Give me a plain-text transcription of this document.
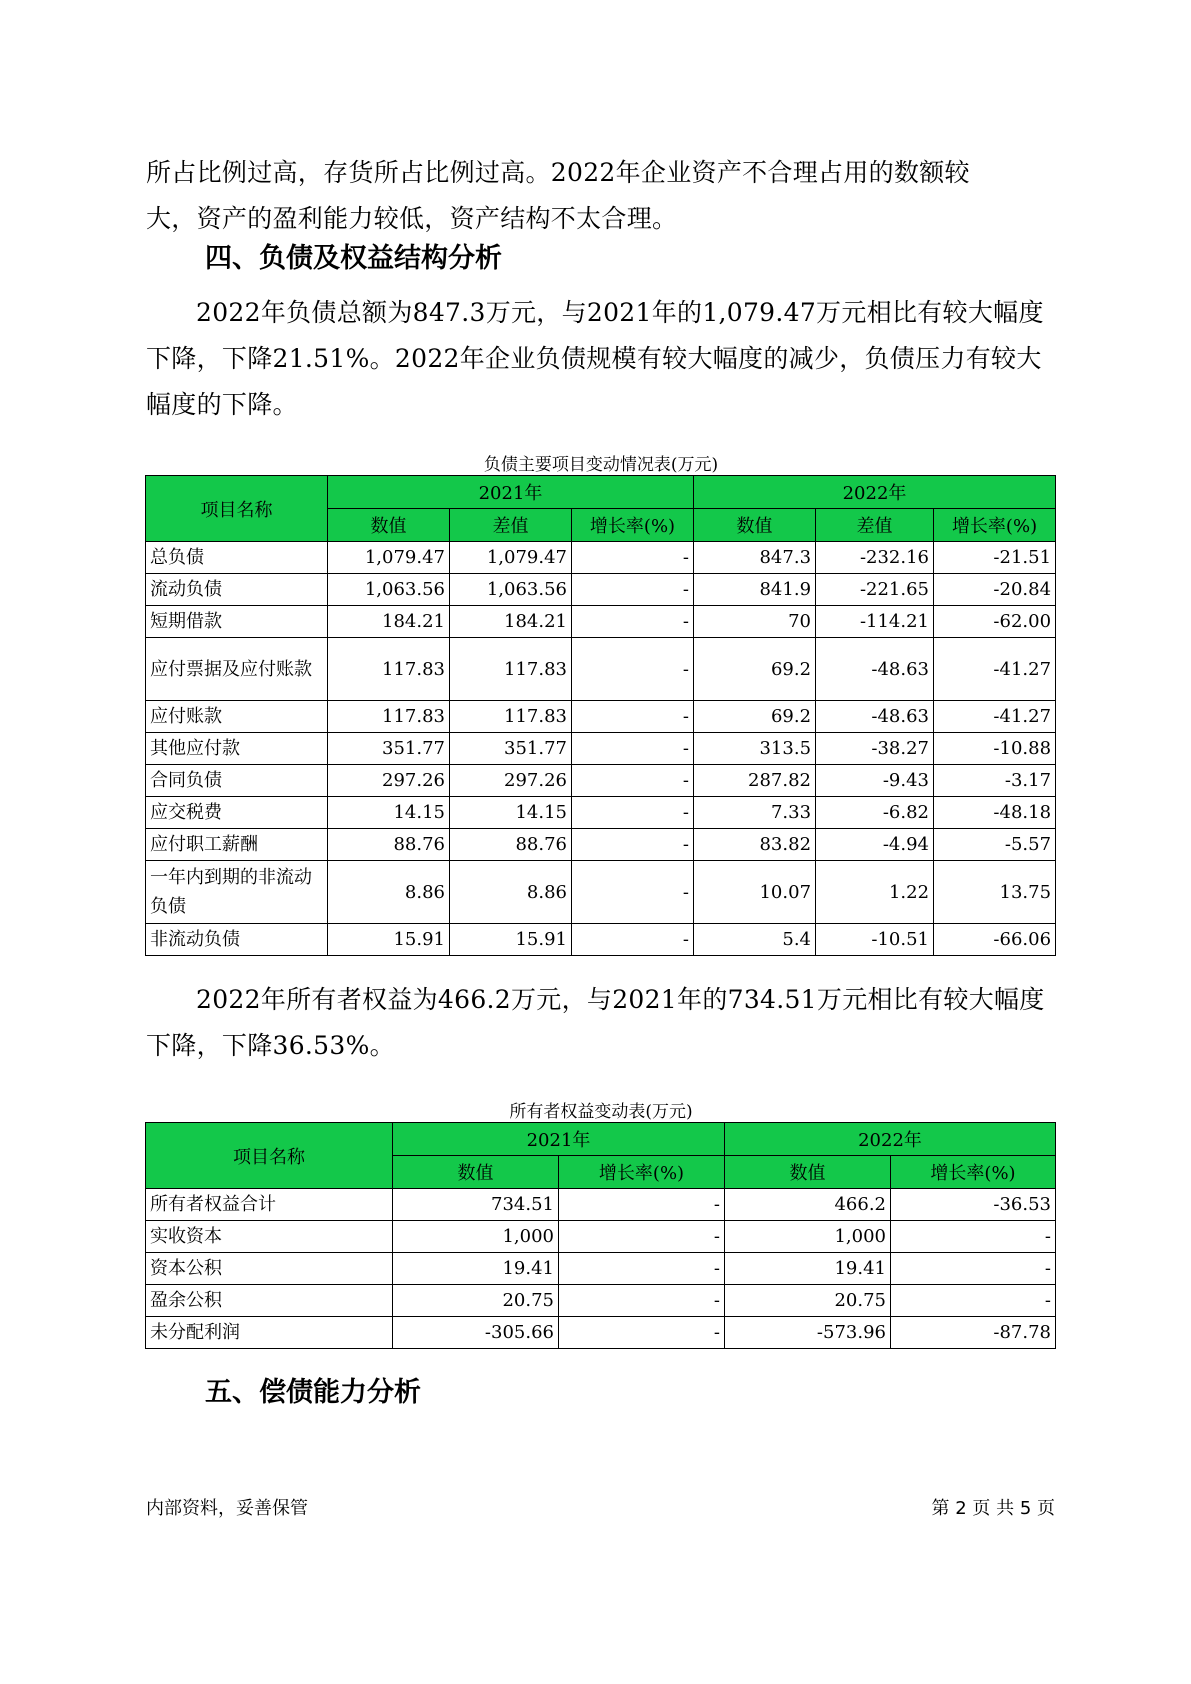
所占比例过高，存货所占比例过高。2022年企业资产不合理占用的数额较

大，资产的盈利能力较低，资产结构不太合理。

四、负债及权益结构分析
2022年负债总额为847.3万元，与2021年的1,079.47万元相比有较大幅度下降，下降21.51%。2022年企业负债规模有较大幅度的减少，负债压力有较大幅度的下降。
负债主要项目变动情况表(万元)
项目名称	2021年			2022年		
	数值	差值	增长率(%)	数值	差值	增长率(%)
总负债	1,079.47	1,079.47	-	847.3	-232.16	-21.51
流动负债	1,063.56	1,063.56	-	841.9	-221.65	-20.84
短期借款	184.21	184.21	-	70	-114.21	-62.00
应付票据及应付账款	117.83	117.83	-	69.2	-48.63	-41.27
应付账款	117.83	117.83	-	69.2	-48.63	-41.27
其他应付款	351.77	351.77	-	313.5	-38.27	-10.88
合同负债	297.26	297.26	-	287.82	-9.43	-3.17
应交税费	14.15	14.15	-	7.33	-6.82	-48.18
应付职工薪酬	88.76	88.76	-	83.82	-4.94	-5.57
一年内到期的非流动负债	8.86	8.86	-	10.07	1.22	13.75
非流动负债	15.91	15.91	-	5.4	-10.51	-66.06
2022年所有者权益为466.2万元，与2021年的734.51万元相比有较大幅度下降，下降36.53%。
所有者权益变动表(万元)
项目名称	2021年		2022年	
	数值	增长率(%)	数值	增长率(%)
所有者权益合计	734.51	-	466.2	-36.53
实收资本	1,000	-	1,000	-
资本公积	19.41	-	19.41	-
盈余公积	20.75	-	20.75	-
未分配利润	-305.66	-	-573.96	-87.78
五、偿债能力分析
内部资料，妥善保管	第 2 页 共 5 页
